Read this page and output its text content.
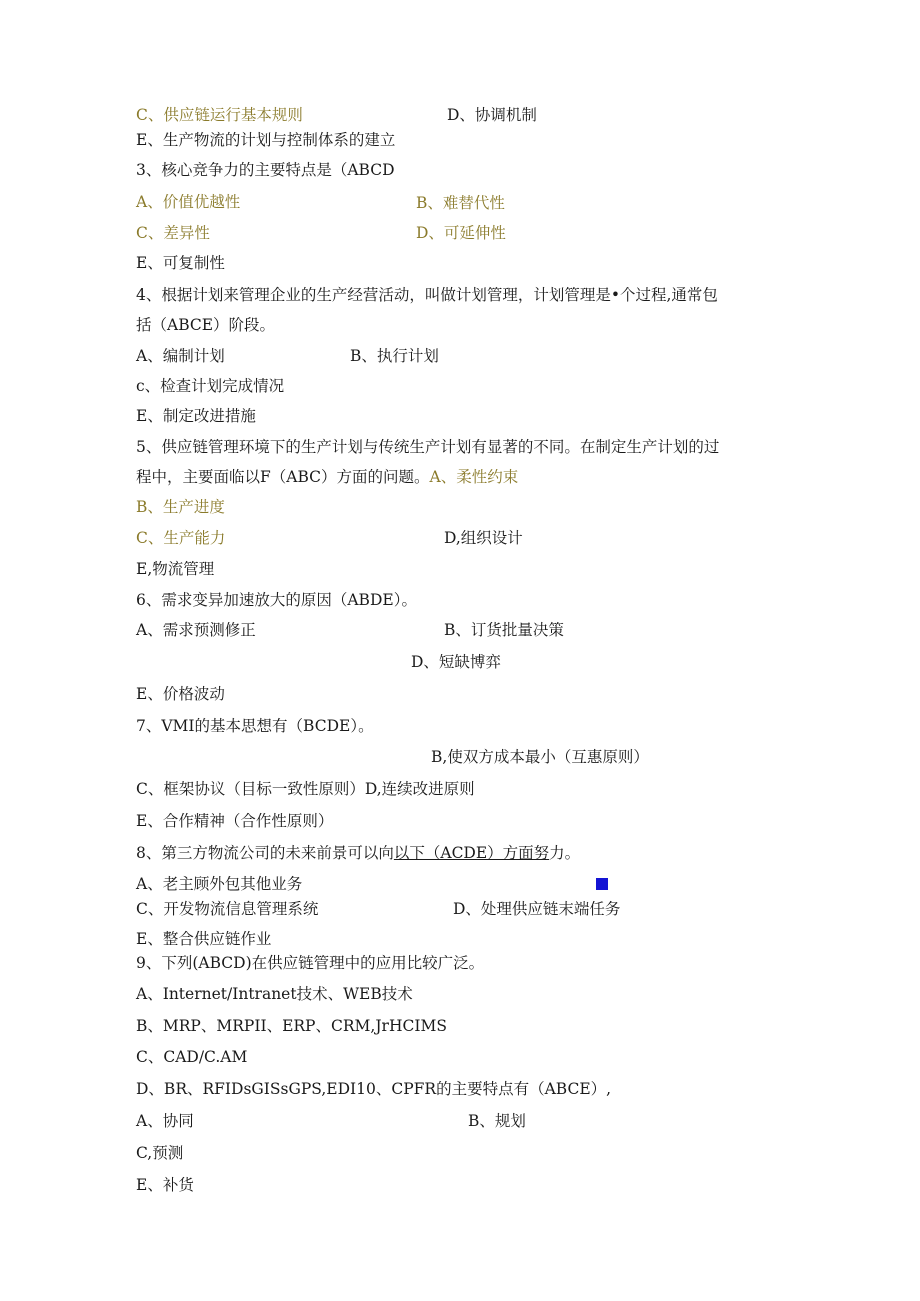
C、供应链运行基本规则	D、协调机制
E、生产物流的计划与控制体系的建立
3、核心竞争力的主要特点是（ABCD
A、价值优越性	B、难替代性
C、差异性	D、可延伸性
E、可复制性
4、根据计划来管理企业的生产经营活动，叫做计划管理，计划管理是•个过程,通常包
括（ABCE）阶段。
A、编制计划	B、执行计划
c、检查计划完成情况
E、制定改进措施
5、供应链管理环境下的生产计划与传统生产计划有显著的不同。在制定生产计划的过
程中，主要面临以F（ABC）方面的问题。A、柔性约束
B、生产进度
C、生产能力	D,组织设计
E,物流管理
6、需求变异加速放大的原因（ABDE）。
A、需求预测修正	B、订货批量决策
D、短缺博弈
E、价格波动
7、VMI的基本思想有（BCDE）。
B,使双方成本最小（互惠原则）
C、框架协议（目标一致性原则）D,连续改进原则
E、合作精神（合作性原则）
8、第三方物流公司的未来前景可以向以下（ACDE）方面努力。
A、老主顾外包其他业务
C、开发物流信息管理系统	D、处理供应链末端任务
E、整合供应链作业
9、下列(ABCD)在供应链管理中的应用比较广泛。
A、Internet/Intranet技术、WEB技术
B、MRP、MRPII、ERP、CRM,JrHCIMS
C、CAD/C.AM
D、BR、RFIDsGISsGPS,EDI10、CPFR的主要特点有（ABCE）,
A、协同	B、规划
C,预测
E、补货
